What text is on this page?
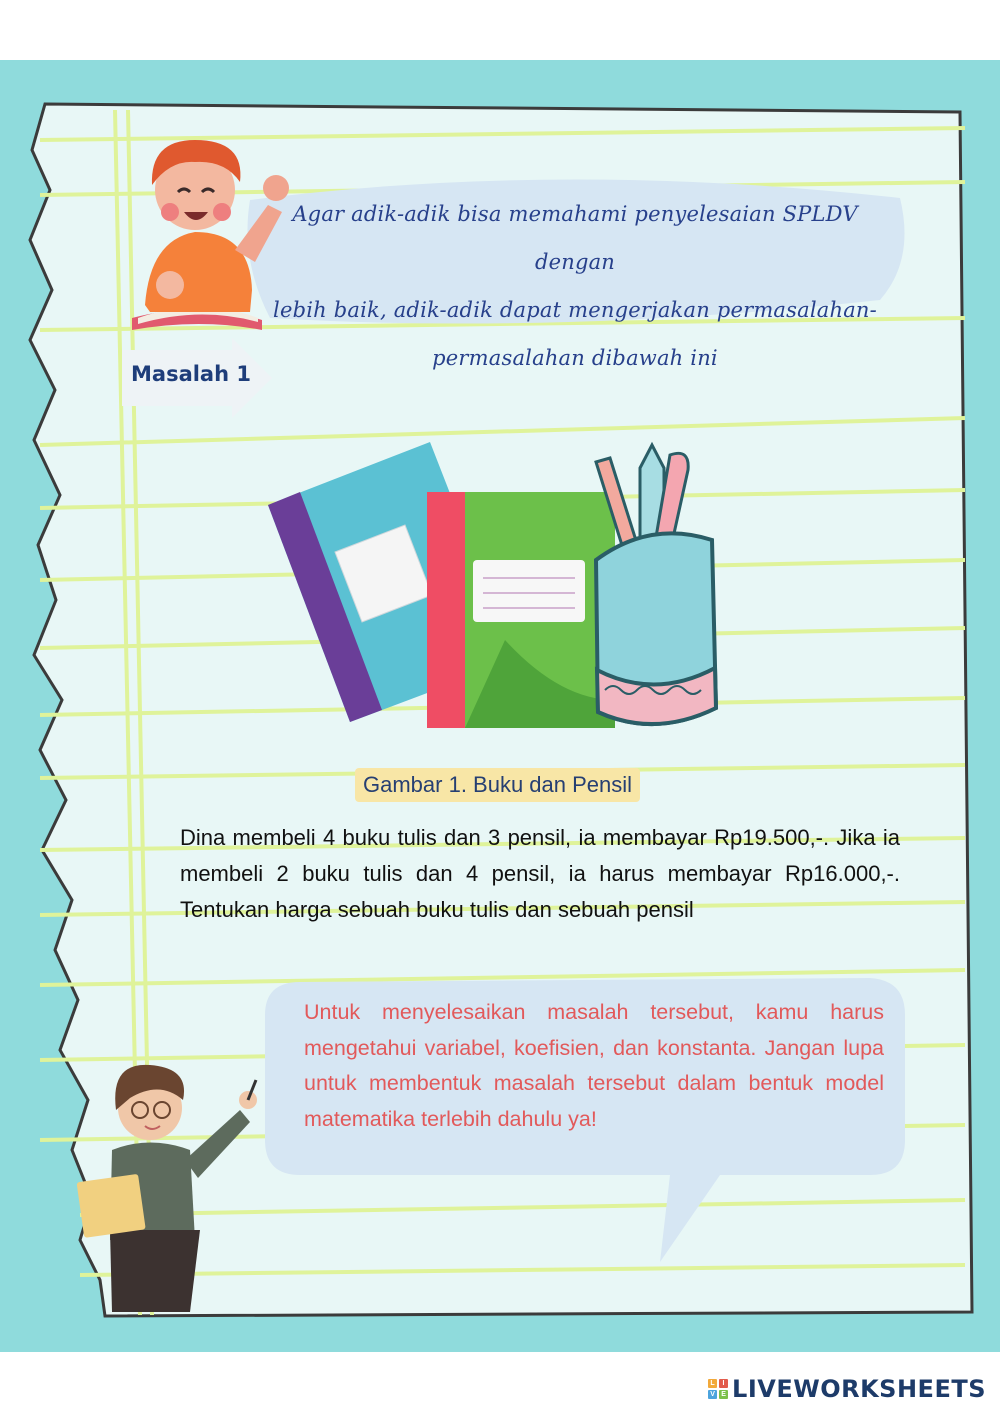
Agar adik-adik bisa memahami penyelesaian SPLDV dengan
lebih baik, adik-adik dapat mengerjakan permasalahan-
permasalahan dibawah ini
Masalah 1
Gambar 1. Buku dan Pensil
Dina membeli 4 buku tulis dan 3 pensil, ia membayar Rp19.500,-. Jika ia membeli 2 buku tulis dan 4 pensil, ia harus membayar Rp16.000,-. Tentukan harga sebuah buku tulis dan sebuah pensil
Untuk menyelesaikan masalah tersebut, kamu harus mengetahui variabel, koefisien, dan konstanta. Jangan lupa untuk membentuk masalah tersebut dalam bentuk model matematika terlebih dahulu ya!
L	I
V E LIVEWORKSHEETS
